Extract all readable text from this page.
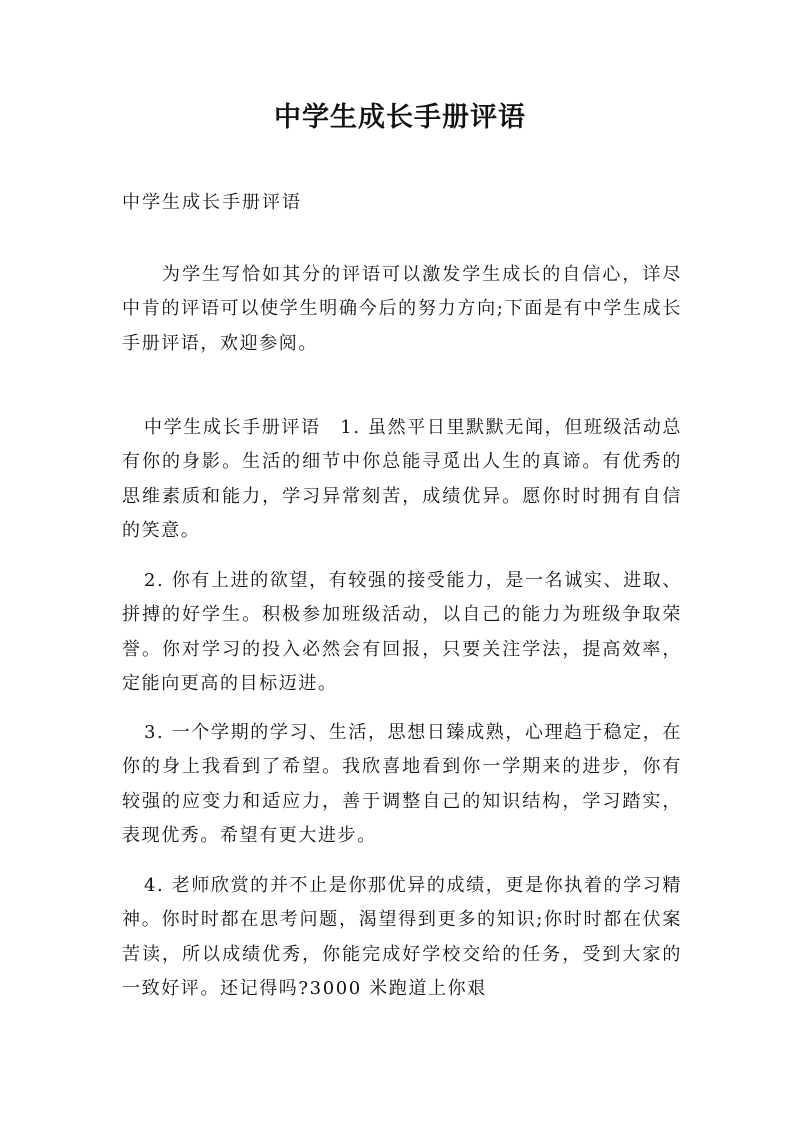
中学生成长手册评语

中学生成长手册评语

为学生写恰如其分的评语可以激发学生成长的自信心，详尽中肯的评语可以使学生明确今后的努力方向;下面是有中学生成长手册评语，欢迎参阅。

中学生成长手册评语　1. 虽然平日里默默无闻，但班级活动总有你的身影。生活的细节中你总能寻觅出人生的真谛。有优秀的思维素质和能力，学习异常刻苦，成绩优异。愿你时时拥有自信的笑意。

2. 你有上进的欲望，有较强的接受能力，是一名诚实、进取、拼搏的好学生。积极参加班级活动，以自己的能力为班级争取荣誉。你对学习的投入必然会有回报，只要关注学法，提高效率，定能向更高的目标迈进。

3. 一个学期的学习、生活，思想日臻成熟，心理趋于稳定，在你的身上我看到了希望。我欣喜地看到你一学期来的进步，你有较强的应变力和适应力，善于调整自己的知识结构，学习踏实，表现优秀。希望有更大进步。

4. 老师欣赏的并不止是你那优异的成绩，更是你执着的学习精神。你时时都在思考问题，渴望得到更多的知识;你时时都在伏案苦读，所以成绩优秀，你能完成好学校交给的任务，受到大家的一致好评。还记得吗?3000 米跑道上你艰
